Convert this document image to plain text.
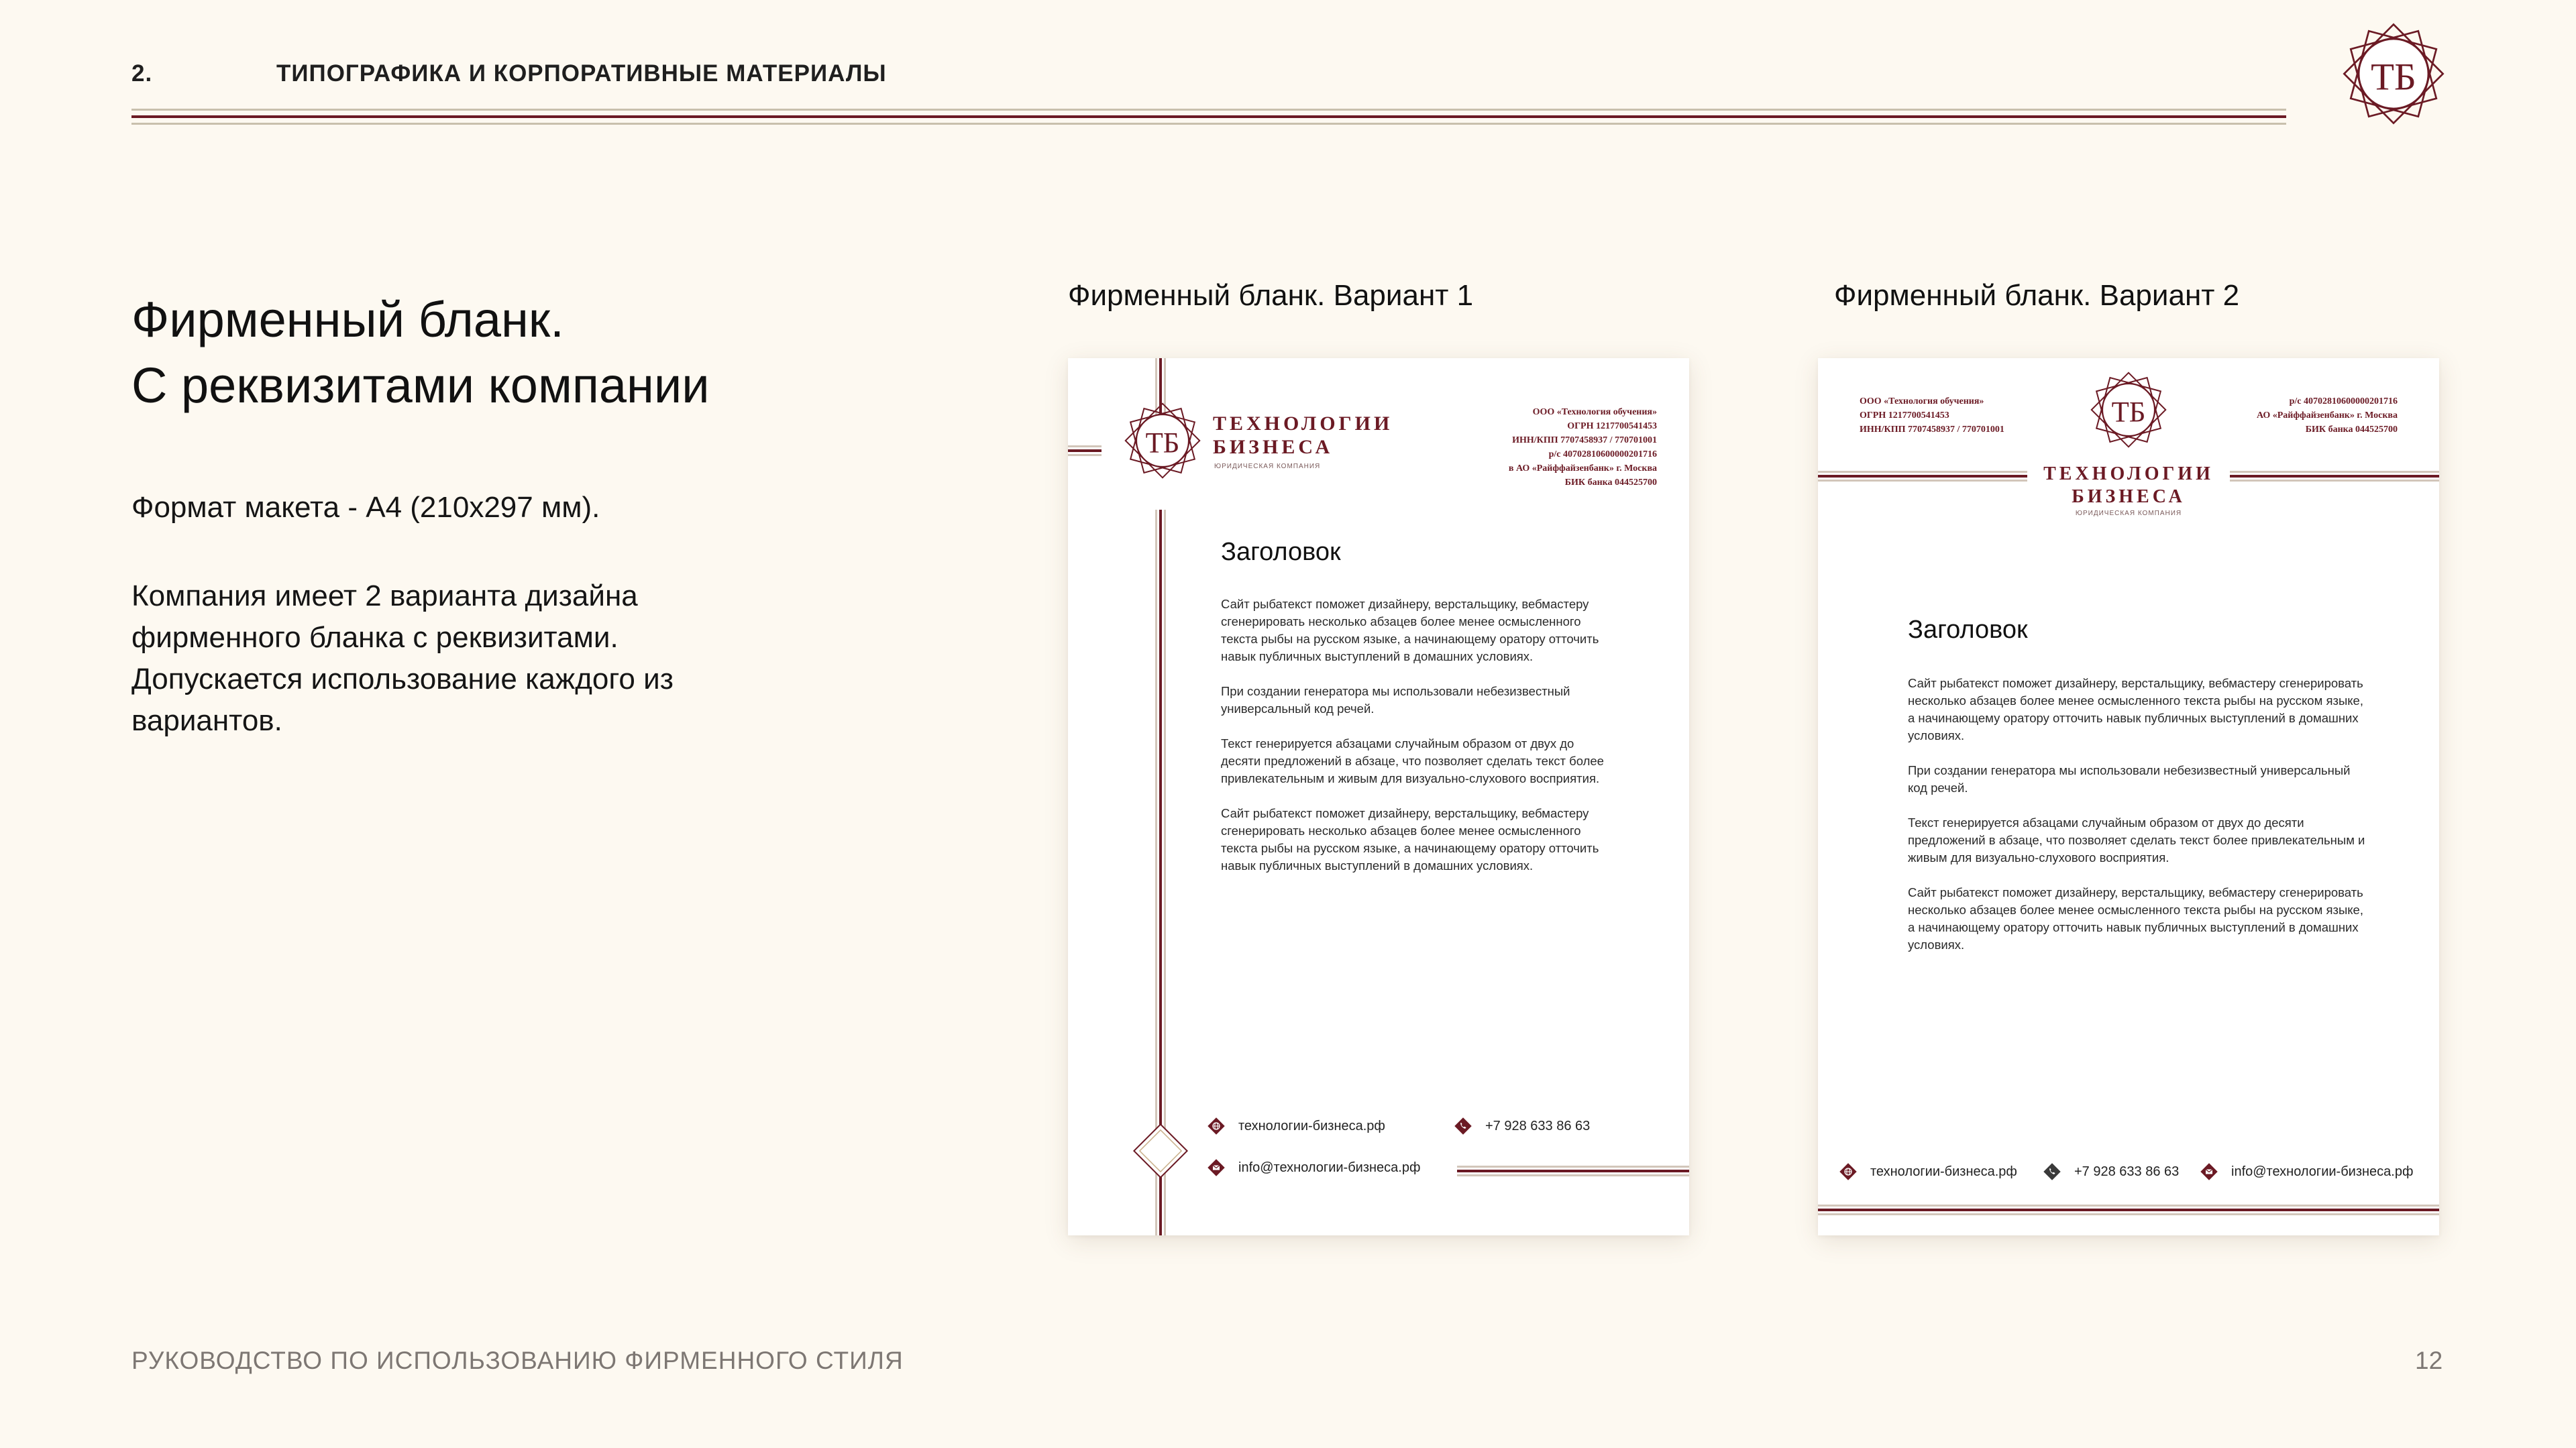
2.	ТИПОГРАФИКА И КОРПОРАТИВНЫЕ МАТЕРИАЛЫ
Фирменный бланк.
С реквизитами компании
Формат макета - А4 (210х297 мм).
Компания имеет 2 варианта дизайна
фирменного бланка с реквизитами.
Допускается использование каждого из
вариантов.
Фирменный бланк. Вариант 1	Фирменный бланк. Вариант 2
ТЕХНОЛОГИИ
БИЗНЕСА
ЮРИДИЧЕСКАЯ КОМПАНИЯ
ООО «Технология обучения»
ОГРН 1217700541453
ИНН/КПП 7707458937 / 770701001
р/с 40702810600000201716
в АО «Райффайзенбанк» г. Москва
БИК банка 044525700
Заголовок

Сайт рыбатекст поможет дизайнеру, верстальщику, вебмастеру
сгенерировать несколько абзацев более менее осмысленного
текста рыбы на русском языке, а начинающему оратору отточить
навык публичных выступлений в домашних условиях.

При создании генератора мы использовали небезизвестный
универсальный код речей.

Текст генерируется абзацами случайным образом от двух до
десяти предложений в абзаце, что позволяет сделать текст более
привлекательным и живым для визуально-слухового восприятия.

Сайт рыбатекст поможет дизайнеру, верстальщику, вебмастеру
сгенерировать несколько абзацев более менее осмысленного
текста рыбы на русском языке, а начинающему оратору отточить
навык публичных выступлений в домашних условиях.

технологии-бизнеса.рф	+7 928 633 86 63
info@технологии-бизнеса.рф
ООО «Технология обучения»
ОГРН 1217700541453
ИНН/КПП 7707458937 / 770701001
р/с 40702810600000201716
АО «Райффайзенбанк» г. Москва
БИК банка 044525700
ТЕХНОЛОГИИ
БИЗНЕСА
ЮРИДИЧЕСКАЯ КОМПАНИЯ
Заголовок

Сайт рыбатекст поможет дизайнеру, верстальщику, вебмастеру сгенерировать
несколько абзацев более менее осмысленного текста рыбы на русском языке,
а начинающему оратору отточить навык публичных выступлений в домашних
условиях.

При создании генератора мы использовали небезизвестный универсальный
код речей.

Текст генерируется абзацами случайным образом от двух до десяти
предложений в абзаце, что позволяет сделать текст более привлекательным и
живым для визуально-слухового восприятия.

Сайт рыбатекст поможет дизайнеру, верстальщику, вебмастеру сгенерировать
несколько абзацев более менее осмысленного текста рыбы на русском языке,
а начинающему оратору отточить навык публичных выступлений в домашних
условиях.

технологии-бизнеса.рф	+7 928 633 86 63	info@технологии-бизнеса.рф
РУКОВОДСТВО ПО ИСПОЛЬЗОВАНИЮ ФИРМЕННОГО СТИЛЯ	12
